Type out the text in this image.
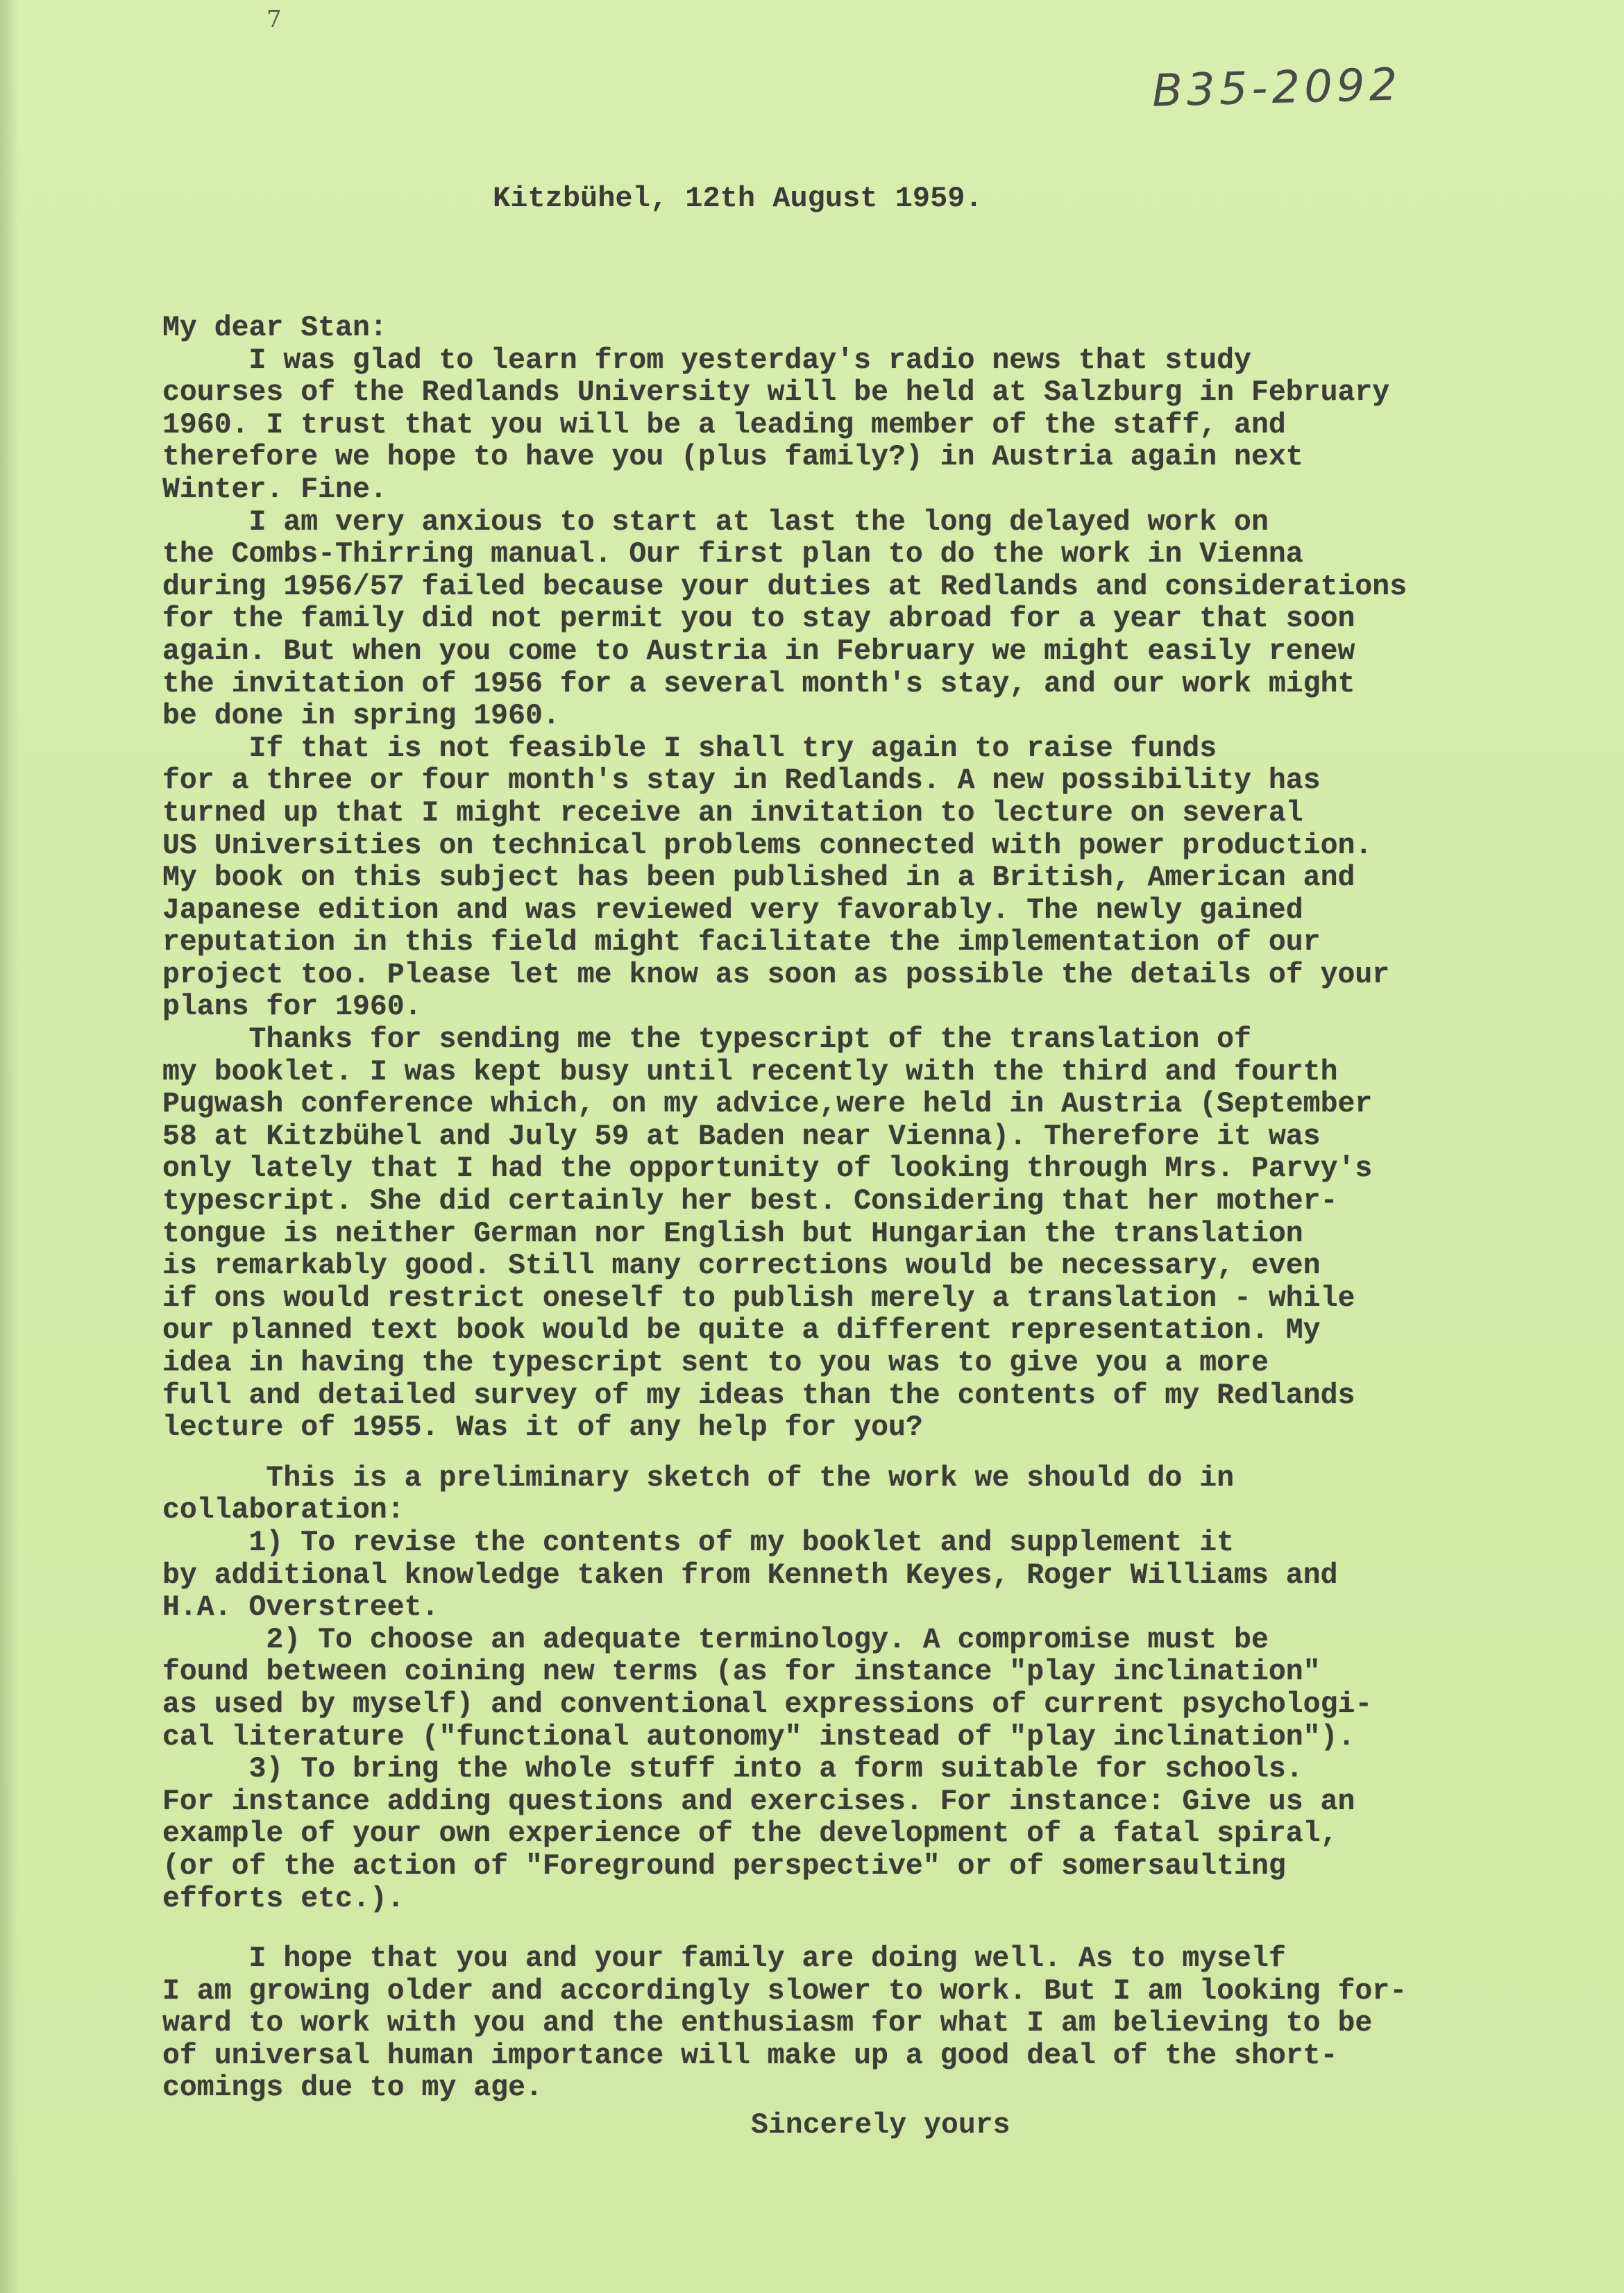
7
B35-2092
Kitzbühel, 12th August 1959.
My dear Stan:
I was glad to learn from yesterday's radio news that study
courses of the Redlands University will be held at Salzburg in February
1960. I trust that you will be a leading member of the staff, and
therefore we hope to have you (plus family?) in Austria again next
Winter. Fine.
I am very anxious to start at last the long delayed work on
the Combs-Thirring manual. Our first plan to do the work in Vienna
during 1956/57 failed because your duties at Redlands and considerations
for the family did not permit you to stay abroad for a year that soon
again. But when you come to Austria in February we might easily renew
the invitation of 1956 for a several month's stay, and our work might
be done in spring 1960.
If that is not feasible I shall try again to raise funds
for a three or four month's stay in Redlands. A new possibility has
turned up that I might receive an invitation to lecture on several
US Universities on technical problems connected with power production.
My book on this subject has been published in a British, American and
Japanese edition and was reviewed very favorably. The newly gained
reputation in this field might facilitate the implementation of our
project too. Please let me know as soon as possible the details of your
plans for 1960.
Thanks for sending me the typescript of the translation of
my booklet. I was kept busy until recently with the third and fourth
Pugwash conference which, on my advice,were held in Austria (September
58 at Kitzbühel and July 59 at Baden near Vienna). Therefore it was
only lately that I had the opportunity of looking through Mrs. Parvy's
typescript. She did certainly her best. Considering that her mother-
tongue is neither German nor English but Hungarian the translation
is remarkably good. Still many corrections would be necessary, even
if ons would restrict oneself to publish merely a translation - while
our planned text book would be quite a different representation. My
idea in having the typescript sent to you was to give you a more
full and detailed survey of my ideas than the contents of my Redlands
lecture of 1955. Was it of any help for you?
This is a preliminary sketch of the work we should do in
collaboration:
1) To revise the contents of my booklet and supplement it
by additional knowledge taken from Kenneth Keyes, Roger Williams and
H.A. Overstreet.
2) To choose an adequate terminology. A compromise must be
found between coining new terms (as for instance "play inclination"
as used by myself) and conventional expressions of current psychologi-
cal literature ("functional autonomy" instead of "play inclination").
3) To bring the whole stuff into a form suitable for schools.
For instance adding questions and exercises. For instance: Give us an
example of your own experience of the development of a fatal spiral,
(or of the action of "Foreground perspective" or of somersaulting
efforts etc.).
I hope that you and your family are doing well. As to myself
I am growing older and accordingly slower to work. But I am looking for-
ward to work with you and the enthusiasm for what I am believing to be
of universal human importance will make up a good deal of the short-
comings due to my age.
Sincerely yours
